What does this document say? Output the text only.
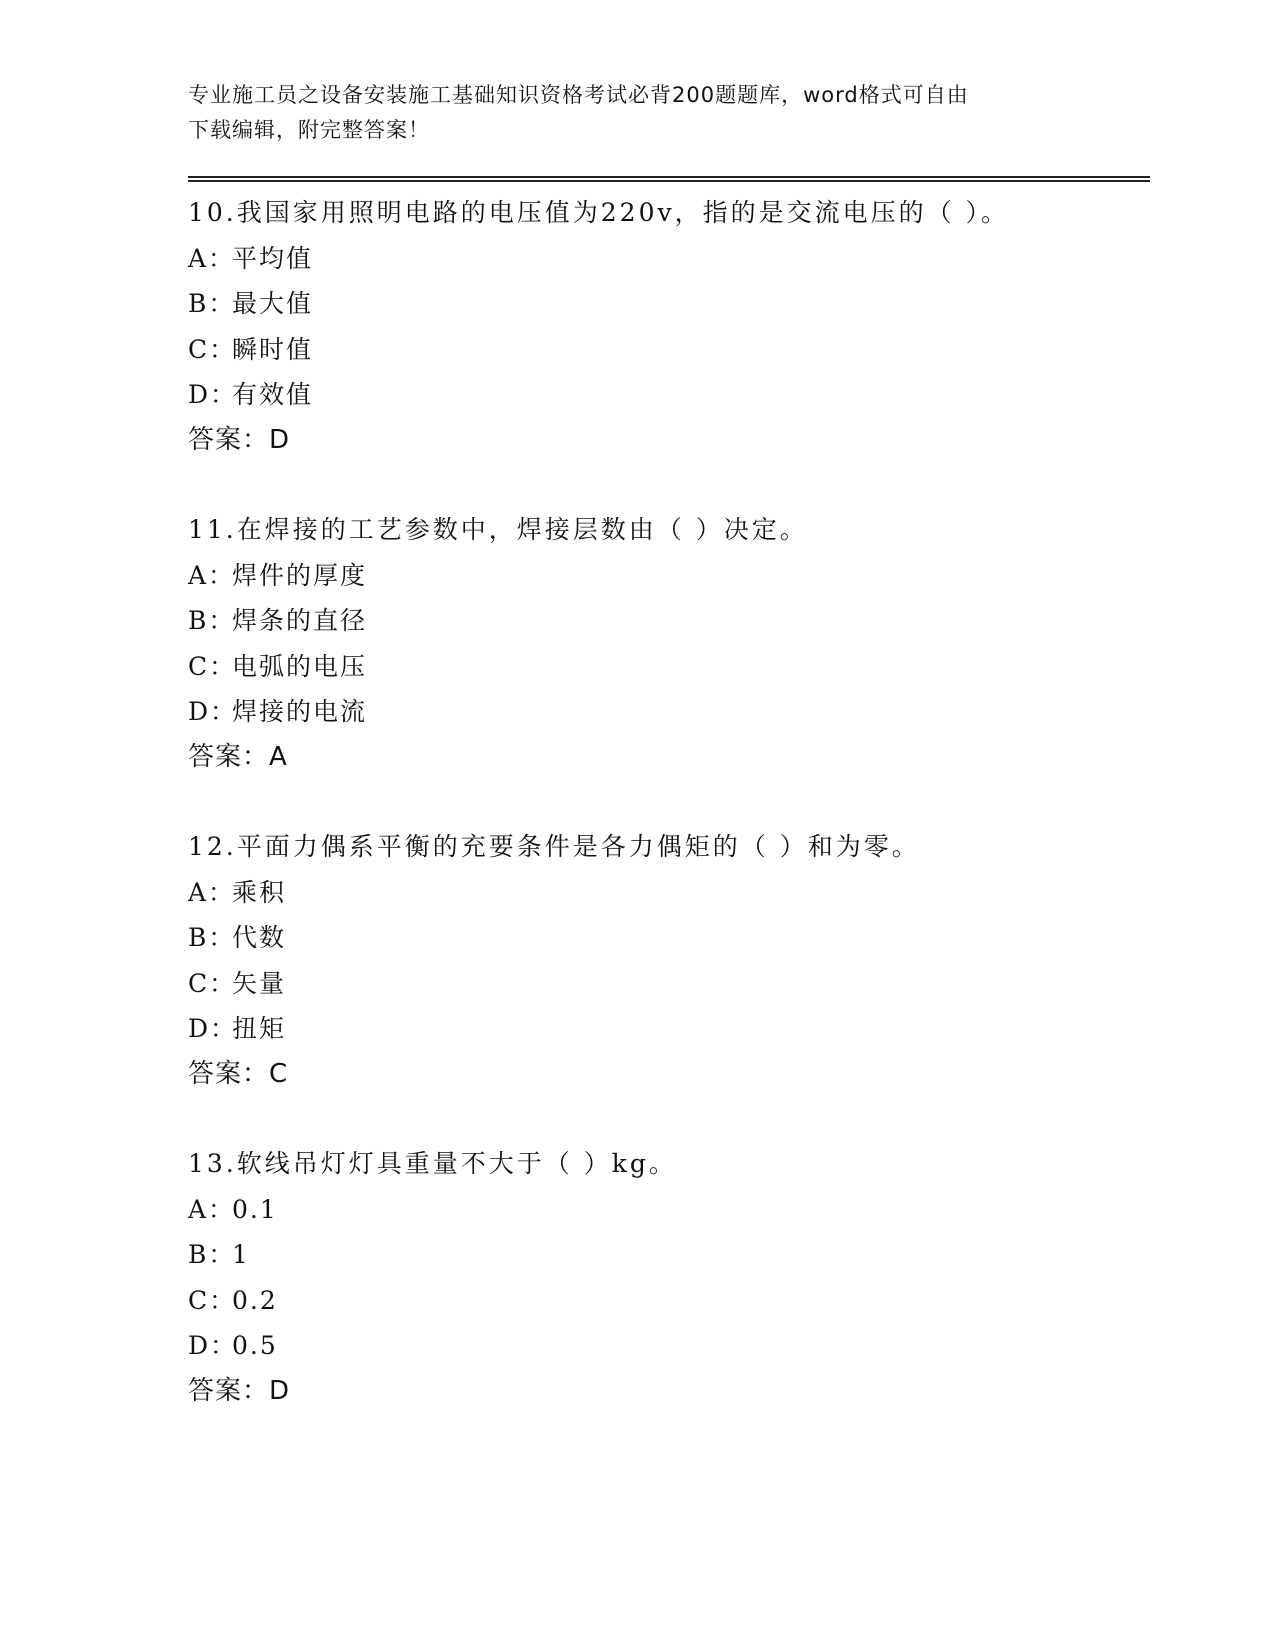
专业施工员之设备安装施工基础知识资格考试必背200题题库，word格式可自由
下载编辑，附完整答案！
10.我国家用照明电路的电压值为220v，指的是交流电压的（ ）。
A：平均值
B：最大值
C：瞬时值
D：有效值
答案：D
11.在焊接的工艺参数中，焊接层数由（ ）决定。
A：焊件的厚度
B：焊条的直径
C：电弧的电压
D：焊接的电流
答案：A
12.平面力偶系平衡的充要条件是各力偶矩的（ ）和为零。
A：乘积
B：代数
C：矢量
D：扭矩
答案：C
13.软线吊灯灯具重量不大于（ ）kg。
A：0.1
B：1
C：0.2
D：0.5
答案：D
